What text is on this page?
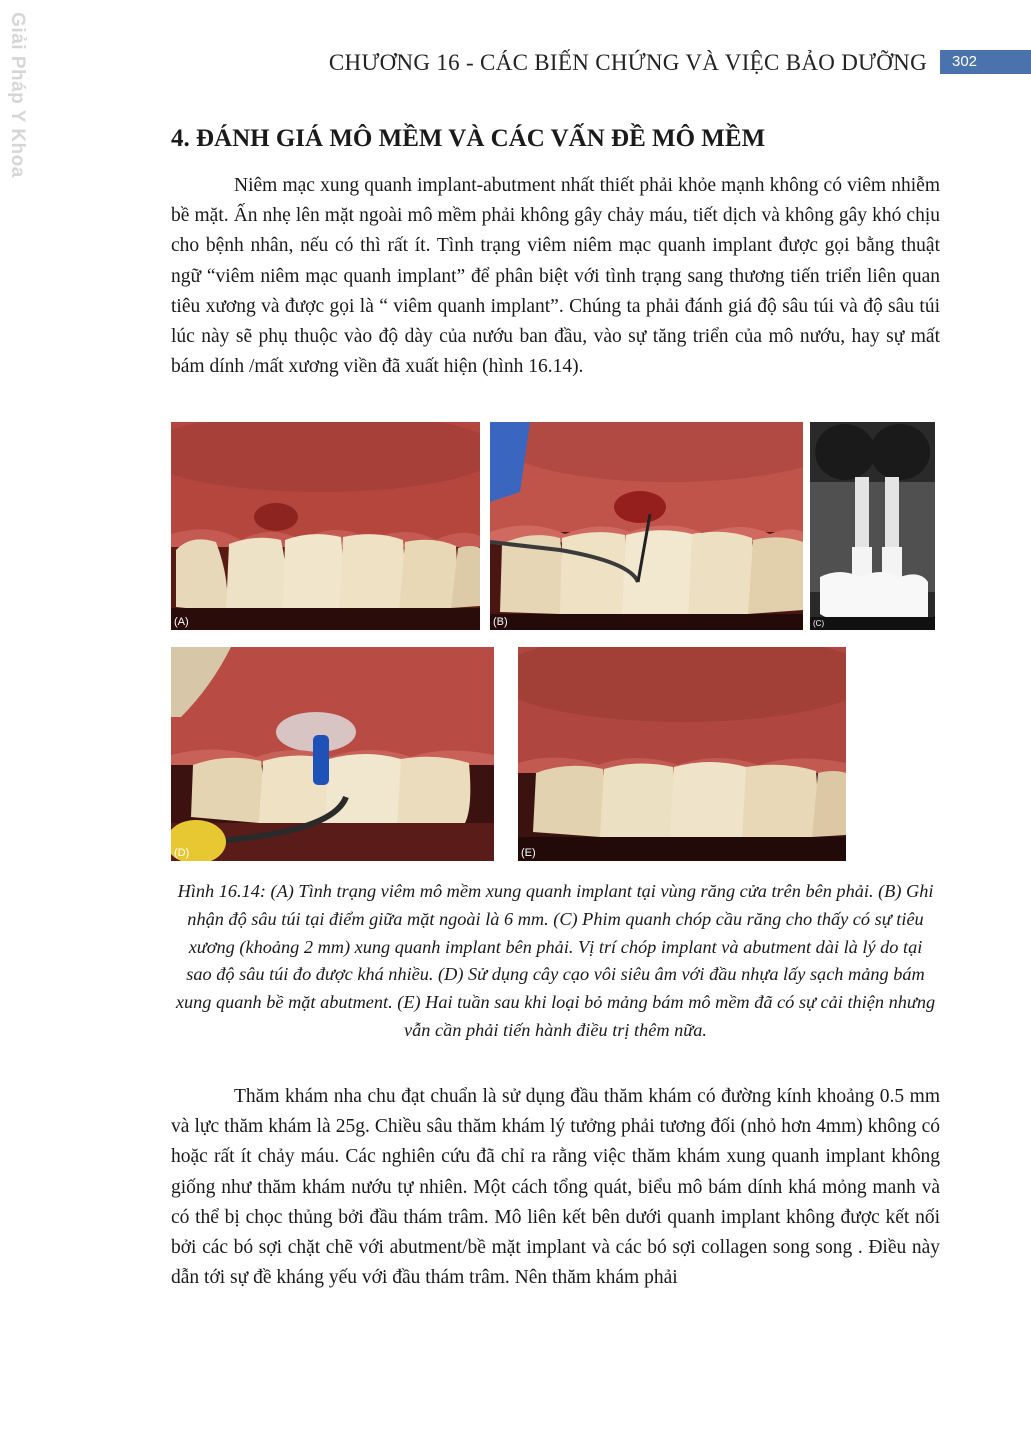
Giải Pháp Y Khoa	CHƯƠNG 16 - CÁC BIẾN CHỨNG VÀ VIỆC BẢO DƯỠNG	302
4. ĐÁNH GIÁ MÔ MỀM VÀ CÁC VẤN ĐỀ MÔ MỀM

Niêm mạc xung quanh implant-abutment nhất thiết phải khỏe mạnh không có viêm nhiễm bề mặt. Ấn nhẹ lên mặt ngoài mô mềm phải không gây chảy máu, tiết dịch và không gây khó chịu cho bệnh nhân, nếu có thì rất ít. Tình trạng viêm niêm mạc quanh implant được gọi bằng thuật ngữ “viêm niêm mạc quanh implant” để phân biệt với tình trạng sang thương tiến triển liên quan tiêu xương và được gọi là “ viêm quanh implant”. Chúng ta phải đánh giá độ sâu túi và độ sâu túi lúc này sẽ phụ thuộc vào độ dày của nướu ban đầu, vào sự tăng triển của mô nướu, hay sự mất bám dính /mất xương viền đã xuất hiện (hình 16.14).

(A)	(B)	(C)
(D)	(E)

Hình 16.14: (A) Tình trạng viêm mô mềm xung quanh implant tại vùng răng cửa trên bên phải. (B) Ghi nhận độ sâu túi tại điểm giữa mặt ngoài là 6 mm. (C) Phim quanh chóp cầu răng cho thấy có sự tiêu xương (khoảng 2 mm) xung quanh implant bên phải. Vị trí chóp implant và abutment dài là lý do tại sao độ sâu túi đo được khá nhiều. (D) Sử dụng cây cạo vôi siêu âm với đầu nhựa lấy sạch mảng bám xung quanh bề mặt abutment. (E) Hai tuần sau khi loại bỏ mảng bám mô mềm đã có sự cải thiện nhưng vẫn cần phải tiến hành điều trị thêm nữa.

Thăm khám nha chu đạt chuẩn là sử dụng đầu thăm khám có đường kính khoảng 0.5 mm và lực thăm khám là 25g. Chiều sâu thăm khám lý tưởng phải tương đối (nhỏ hơn 4mm) không có hoặc rất ít chảy máu. Các nghiên cứu đã chỉ ra rằng việc thăm khám xung quanh implant không giống như thăm khám nướu tự nhiên. Một cách tổng quát, biểu mô bám dính khá mỏng manh và có thể bị chọc thủng bởi đầu thám trâm. Mô liên kết bên dưới quanh implant không được kết nối bởi các bó sợi chặt chẽ với abutment/bề mặt implant và các bó sợi collagen song song . Điều này dẫn tới sự đề kháng yếu với đầu thám trâm. Nên thăm khám phải
